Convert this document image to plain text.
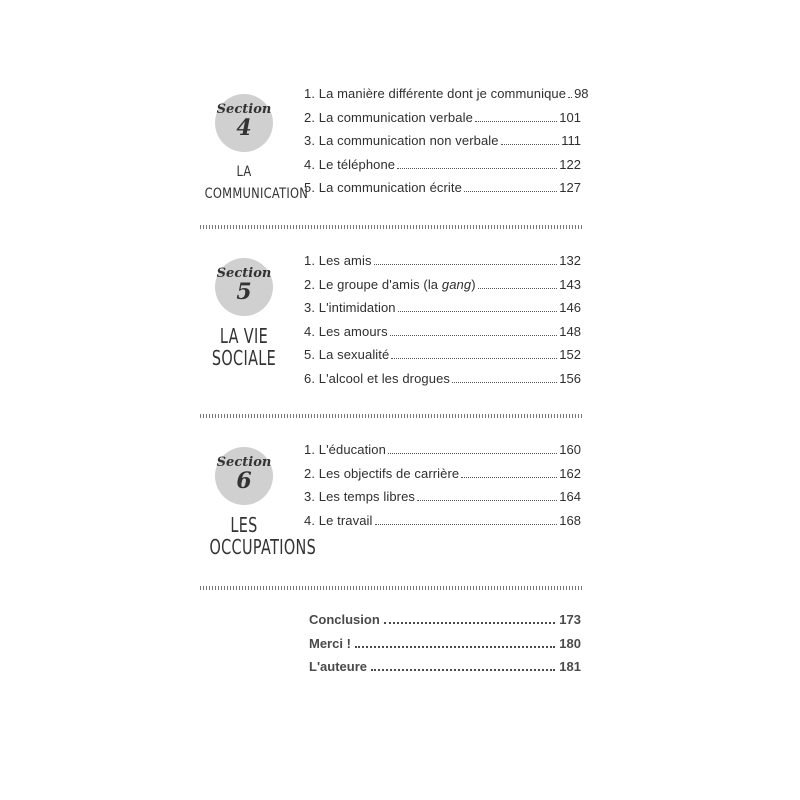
Section
4
LA
COMMUNICATION
1. La manière différente dont je communique 98
2. La communication verbale	101
3. La communication non verbale	111
4. Le téléphone	122
5. La communication écrite	127
Section
5
LA VIE
SOCIALE
1. Les amis	132
2. Le groupe d'amis (la gang)	143
3. L'intimidation	146
4. Les amours	148
5. La sexualité	152
6. L'alcool et les drogues	156
Section
6
LES
OCCUPATIONS
1. L'éducation	160
2. Les objectifs de carrière	162
3. Les temps libres	164
4. Le travail	168
Conclusion	173
Merci !	180
L'auteure	181
